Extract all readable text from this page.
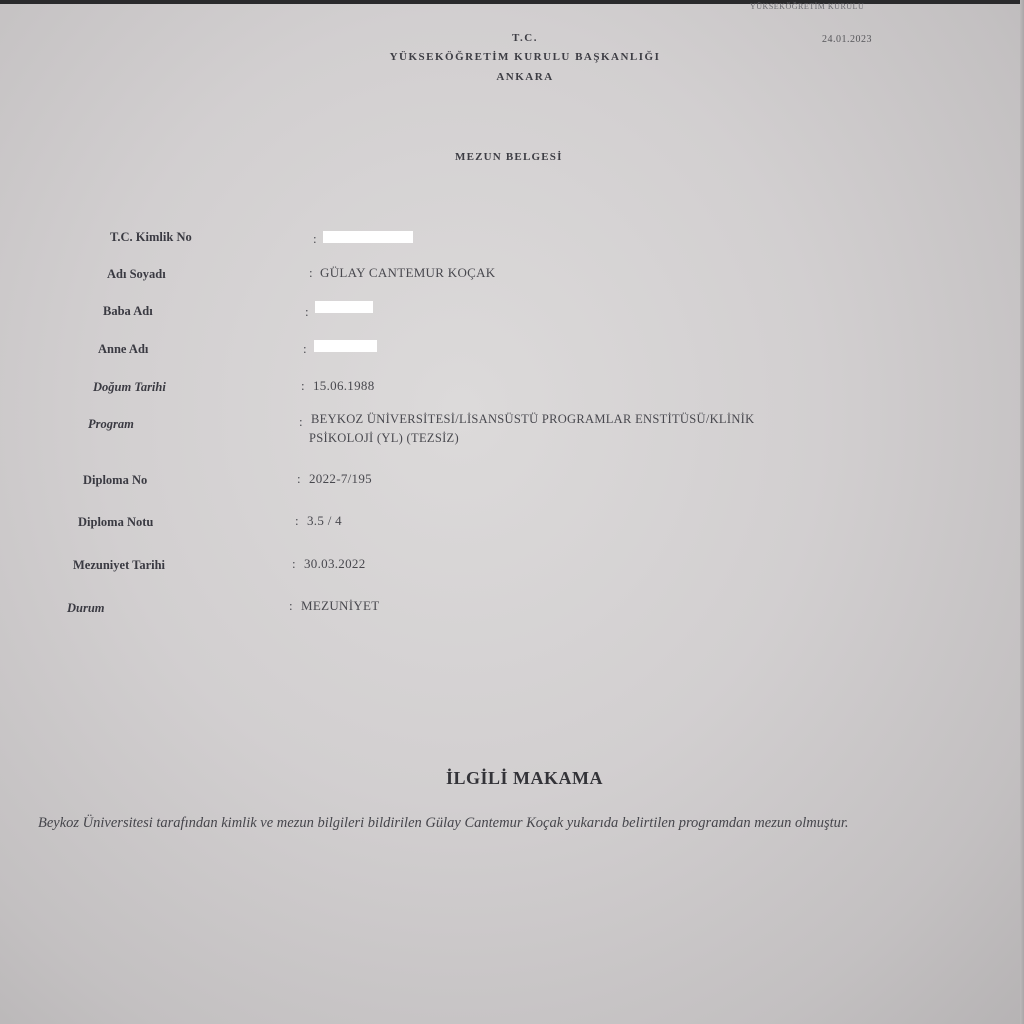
YÜKSEKÖĞRETİM KURULU
24.01.2023
T.C.
YÜKSEKÖĞRETİM KURULU BAŞKANLIĞI
ANKARA
MEZUN BELGESİ
T.C. Kimlik No	:
Adı Soyadı	: GÜLAY CANTEMUR KOÇAK
Baba Adı	:
Anne Adı	:
Doğum Tarihi	: 15.06.1988
Program	: BEYKOZ ÜNİVERSİTESİ/LİSANSÜSTÜ PROGRAMLAR ENSTİTÜSÜ/KLİNİK
PSİKOLOJİ (YL) (TEZSİZ)
Diploma No	: 2022-7/195
Diploma Notu	: 3.5 / 4
Mezuniyet Tarihi	: 30.03.2022
Durum	: MEZUNİYET
İLGİLİ MAKAMA
Beykoz Üniversitesi tarafından kimlik ve mezun bilgileri bildirilen Gülay Cantemur Koçak yukarıda belirtilen programdan mezun olmuştur.
